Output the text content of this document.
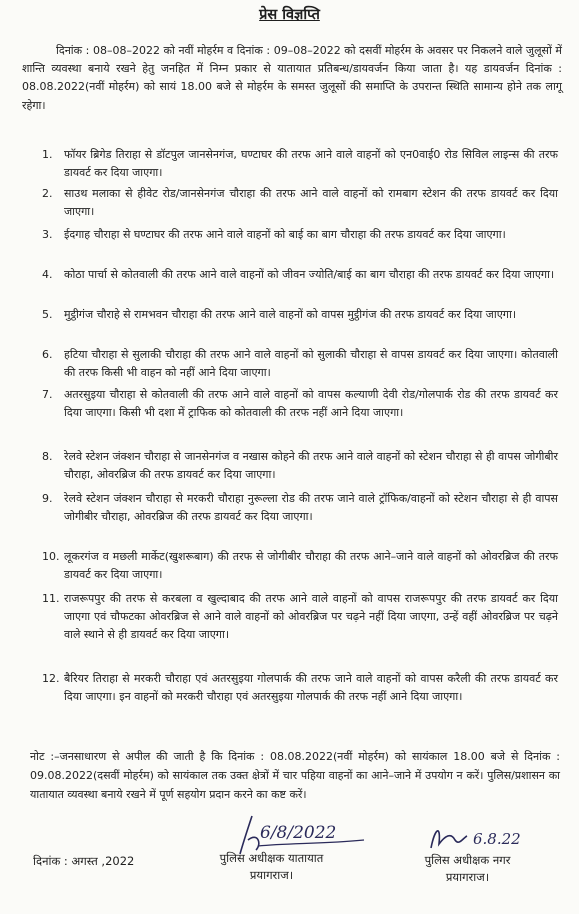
प्रेस विज्ञप्ति
दिनांक : 08–08–2022 को नवीं मोहर्रम व दिनांक : 09–08–2022 को दसवीं मोहर्रम के अवसर पर निकलने वाले जुलूसों में शान्ति व्यवस्था बनाये रखने हेतु जनहित में निम्न प्रकार से यातायात प्रतिबन्ध/डायवर्जन किया जाता है। यह डायवर्जन दिनांक : 08.08.2022(नवीं मोहर्रम) को सायं 18.00 बजे से मोहर्रम के समस्त जुलूसों की समाप्ति के उपरान्त स्थिति सामान्य होने तक लागू रहेगा।
1.	फॉयर ब्रिगेड तिराहा से डॉटपुल जानसेनगंज, घण्टाघर की तरफ आने वाले वाहनों को एन0वाई0 रोड सिविल लाइन्स की तरफ डायवर्ट कर दिया जाएगा।
2.	साउथ मलाका से हीवेट रोड/जानसेनगंज चौराहा की तरफ आने वाले वाहनों को रामबाग स्टेशन की तरफ डायवर्ट कर दिया जाएगा।
3.	ईदगाह चौराहा से घण्टाघर की तरफ आने वाले वाहनों को बाई का बाग चौराहा की तरफ डायवर्ट कर दिया जाएगा।
4.	कोठा पार्चा से कोतवाली की तरफ आने वाले वाहनों को जीवन ज्योति/बाई का बाग चौराहा की तरफ डायवर्ट कर दिया जाएगा।
5.	मुट्ठीगंज चौराहे से रामभवन चौराहा की तरफ आने वाले वाहनों को वापस मुट्ठीगंज की तरफ डायवर्ट कर दिया जाएगा।
6.	हटिया चौराहा से सुलाकी चौराहा की तरफ आने वाले वाहनों को सुलाकी चौराहा से वापस डायवर्ट कर दिया जाएगा। कोतवाली की तरफ किसी भी वाहन को नहीं आने दिया जाएगा।
7.	अतरसुइया चौराहा से कोतवाली की तरफ आने वाले वाहनों को वापस कल्याणी देवी रोड/गोलपार्क रोड की तरफ डायवर्ट कर दिया जाएगा। किसी भी दशा में ट्राफिक को कोतवाली की तरफ नहीं आने दिया जाएगा।
8.	रेलवे स्टेशन जंक्शन चौराहा से जानसेनगंज व नखास कोहने की तरफ आने वाले वाहनों को स्टेशन चौराहा से ही वापस जोगीबीर चौराहा, ओवरब्रिज की तरफ डायवर्ट कर दिया जाएगा।
9.	रेलवे स्टेशन जंक्शन चौराहा से मरकरी चौराहा नुरूल्ला रोड की तरफ जाने वाले ट्रॉफिक/वाहनों को स्टेशन चौराहा से ही वापस जोगीबीर चौराहा, ओवरब्रिज की तरफ डायवर्ट कर दिया जाएगा।
10. लूकरगंज व मछली मार्केट(खुशरूबाग) की तरफ से जोगीबीर चौराहा की तरफ आने–जाने वाले वाहनों को ओवरब्रिज की तरफ डायवर्ट कर दिया जाएगा।
11. राजरूपपुर की तरफ से करबला व खुल्दाबाद की तरफ आने वाले वाहनों को वापस राजरूपपुर की तरफ डायवर्ट कर दिया जाएगा एवं चौफटका ओवरब्रिज से आने वाले वाहनों को ओवरब्रिज पर चढ़ने नहीं दिया जाएगा, उन्हें वहीं ओवरब्रिज पर चढ़ने वाले स्थाने से ही डायवर्ट कर दिया जाएगा।
12. बैरियर तिराहा से मरकरी चौराहा एवं अतरसुइया गोलपार्क की तरफ जाने वाले वाहनों को वापस करैली की तरफ डायवर्ट कर दिया जाएगा। इन वाहनों को मरकरी चौराहा एवं अतरसुइया गोलपार्क की तरफ नहीं आने दिया जाएगा।
नोट :–जनसाधारण से अपील की जाती है कि दिनांक : 08.08.2022(नवीं मोहर्रम) को सायंकाल 18.00 बजे से दिनांक : 09.08.2022(दसवीं मोहर्रम) को सायंकाल तक उक्त क्षेत्रों में चार पहिया वाहनों का आने–जाने में उपयोग न करें। पुलिस/प्रशासन का यातायात व्यवस्था बनाये रखने में पूर्ण सहयोग प्रदान करने का कष्ट करें।
दिनांक : अगस्त ,2022
6/8/2022
पुलिस अधीक्षक यातायात
प्रयागराज।
6.8.22
पुलिस अधीक्षक नगर
प्रयागराज।
